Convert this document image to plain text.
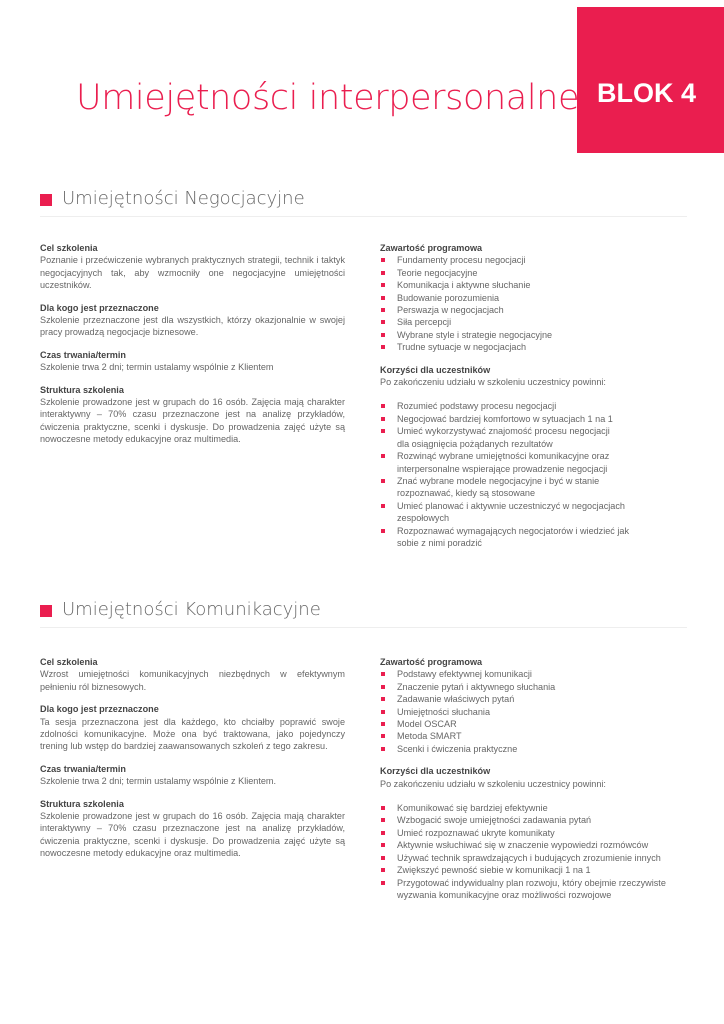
Umiejętności interpersonalne BLOK 4
Umiejętności Negocjacyjne
Cel szkolenia
Poznanie i przećwiczenie wybranych praktycznych strategii, technik i taktyk negocjacyjnych tak, aby wzmocniły one negocjacyjne umiejętności uczestników.
Dla kogo jest przeznaczone
Szkolenie przeznaczone jest dla wszystkich, którzy okazjonalnie w swojej pracy prowadzą negocjacje biznesowe.
Czas trwania/termin
Szkolenie trwa 2 dni; termin ustalamy wspólnie z Klientem
Struktura szkolenia
Szkolenie prowadzone jest w grupach do 16 osób. Zajęcia mają charakter interaktywny – 70% czasu przeznaczone jest na analizę przykładów, ćwiczenia praktyczne, scenki i dyskusje. Do prowadzenia zajęć użyte są nowoczesne metody edukacyjne oraz multimedia.
Zawartość programowa
Fundamenty procesu negocjacji
Teorie negocjacyjne
Komunikacja i aktywne słuchanie
Budowanie porozumienia
Perswazja w negocjacjach
Siła percepcji
Wybrane style i strategie negocjacyjne
Trudne sytuacje w negocjacjach
Korzyści dla uczestników
Po zakończeniu udziału w szkoleniu uczestnicy powinni:
Rozumieć podstawy procesu negocjacji
Negocjować bardziej komfortowo w sytuacjach 1 na 1
Umieć wykorzystywać znajomość procesu negocjacji dla osiągnięcia pożądanych rezultatów
Rozwinąć wybrane umiejętności komunikacyjne oraz interpersonalne wspierające prowadzenie negocjacji
Znać wybrane modele negocjacyjne i być w stanie rozpoznawać, kiedy są stosowane
Umieć planować i aktywnie uczestniczyć w negocjacjach zespołowych
Rozpoznawać wymagających negocjatorów i wiedzieć jak sobie z nimi poradzić
Umiejętności Komunikacyjne
Cel szkolenia
Wzrost umiejętności komunikacyjnych niezbędnych w efektywnym pełnieniu ról biznesowych.
Dla kogo jest przeznaczone
Ta sesja przeznaczona jest dla każdego, kto chciałby poprawić swoje zdolności komunikacyjne. Może ona być traktowana, jako pojedynczy trening lub wstęp do bardziej zaawansowanych szkoleń z tego zakresu.
Czas trwania/termin
Szkolenie trwa 2 dni; termin ustalamy wspólnie z Klientem.
Struktura szkolenia
Szkolenie prowadzone jest w grupach do 16 osób. Zajęcia mają charakter interaktywny – 70% czasu przeznaczone jest na analizę przykładów, ćwiczenia praktyczne, scenki i dyskusje. Do prowadzenia zajęć użyte są nowoczesne metody edukacyjne oraz multimedia.
Zawartość programowa
Podstawy efektywnej komunikacji
Znaczenie pytań i aktywnego słuchania
Zadawanie właściwych pytań
Umiejętności słuchania
Model OSCAR
Metoda SMART
Scenki i ćwiczenia praktyczne
Korzyści dla uczestników
Po zakończeniu udziału w szkoleniu uczestnicy powinni:
Komunikować się bardziej efektywnie
Wzbogacić swoje umiejętności zadawania pytań
Umieć rozpoznawać ukryte komunikaty
Aktywnie wsłuchiwać się w znaczenie wypowiedzi rozmówców
Używać technik sprawdzających i budujących zrozumienie innych
Zwiększyć pewność siebie w komunikacji 1 na 1
Przygotować indywidualny plan rozwoju, który obejmie rzeczywiste wyzwania komunikacyjne oraz możliwości rozwojowe
